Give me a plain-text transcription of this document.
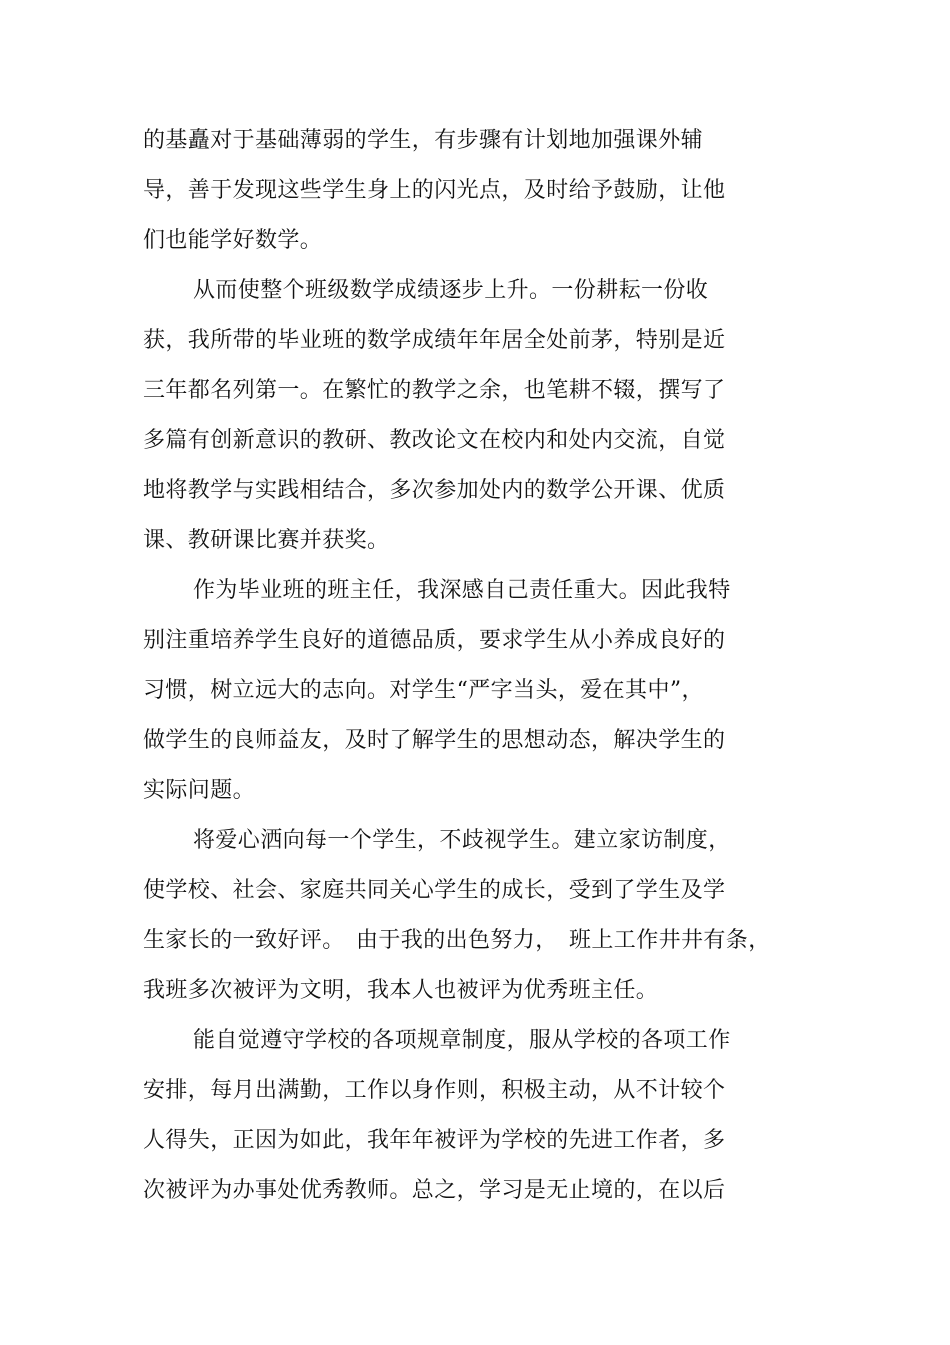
的基矗对于基础薄弱的学生，有步骤有计划地加强课外辅
导，善于发现这些学生身上的闪光点，及时给予鼓励，让他
们也能学好数学。
从而使整个班级数学成绩逐步上升。一份耕耘一份收
获，我所带的毕业班的数学成绩年年居全处前茅，特别是近
三年都名列第一。在繁忙的教学之余，也笔耕不辍，撰写了
多篇有创新意识的教研、教改论文在校内和处内交流，自觉
地将教学与实践相结合，多次参加处内的数学公开课、优质
课、教研课比赛并获奖。
作为毕业班的班主任，我深感自己责任重大。因此我特
别注重培养学生良好的道德品质，要求学生从小养成良好的
习惯，树立远大的志向。对学生“严字当头，爱在其中”，
做学生的良师益友，及时了解学生的思想动态，解决学生的
实际问题。
将爱心洒向每一个学生，不歧视学生。建立家访制度，
使学校、社会、家庭共同关心学生的成长，受到了学生及学
生家长的一致好评。　由于我的出色努力，　班上工作井井有条，
我班多次被评为文明，我本人也被评为优秀班主任。
能自觉遵守学校的各项规章制度，服从学校的各项工作
安排，每月出满勤，工作以身作则，积极主动，从不计较个
人得失，正因为如此，我年年被评为学校的先进工作者，多
次被评为办事处优秀教师。总之，学习是无止境的，在以后
